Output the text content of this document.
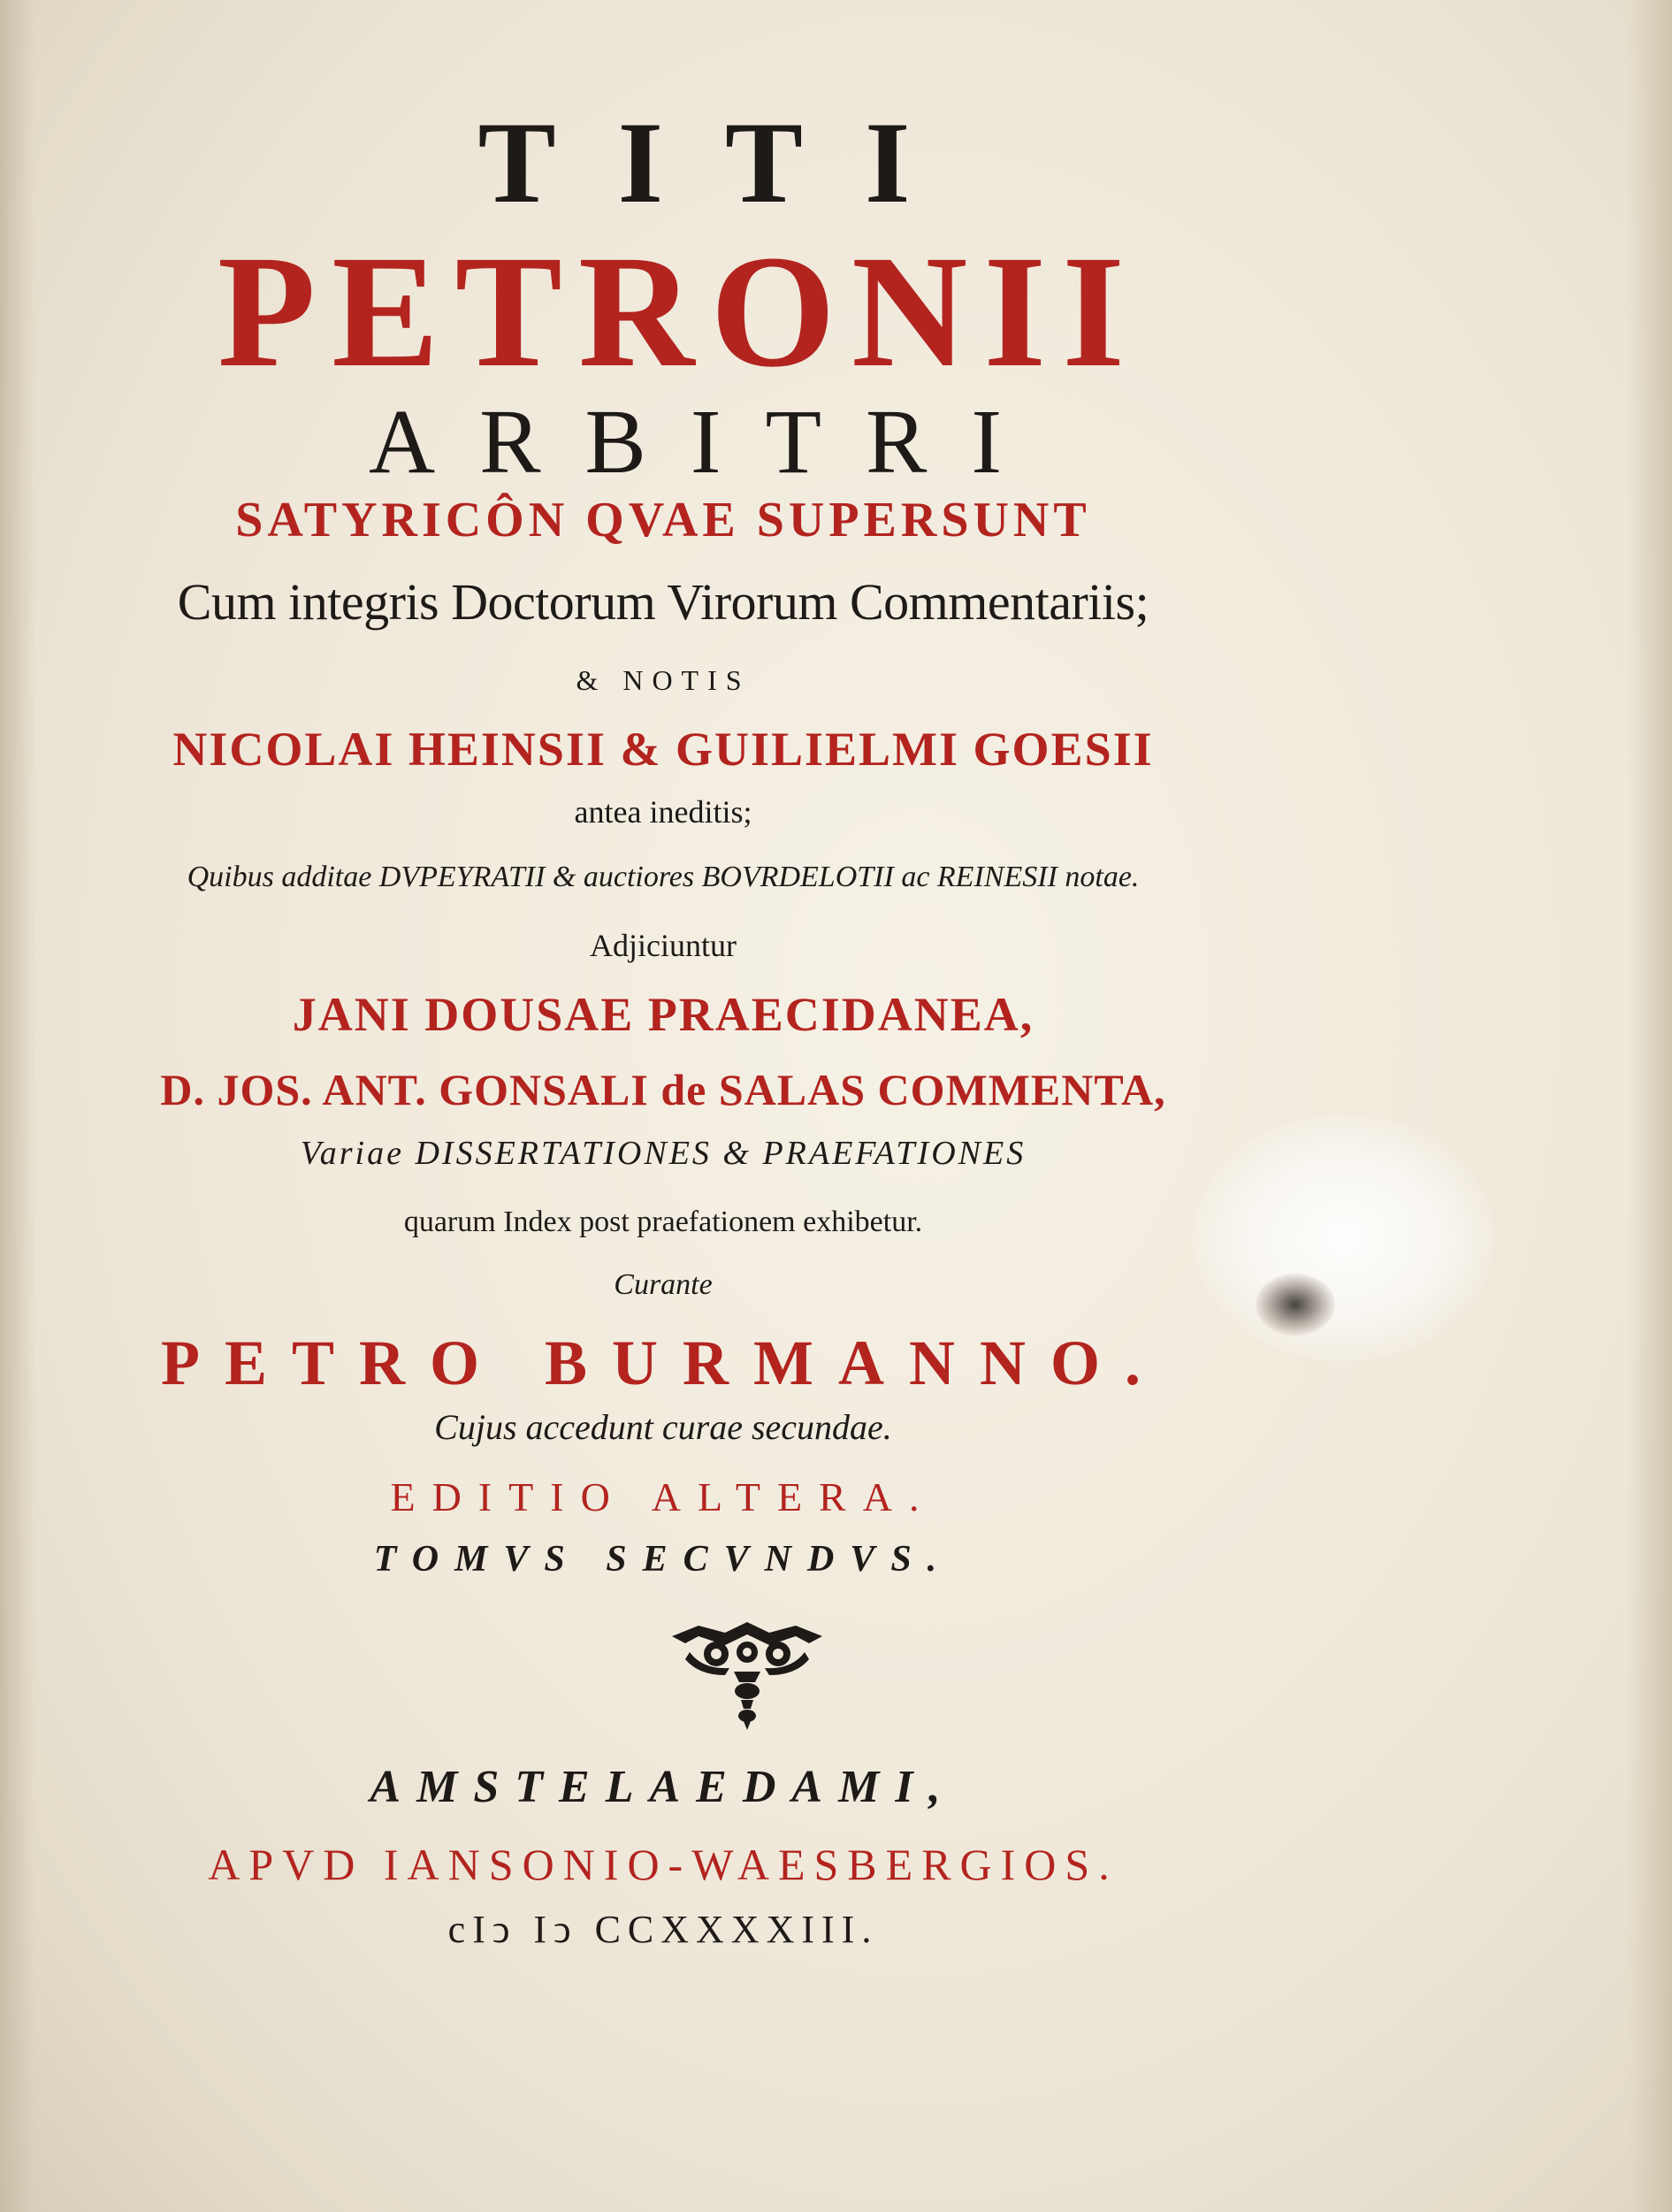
TITI
PETRONII
ARBITRI
SATYRICÔN QVAE SUPERSUNT
Cum integris Doctorum Virorum Commentariis;
& NOTIS
NICOLAI HEINSII & GUILIELMI GOESII
antea ineditis;
Quibus additae DVPEYRATII & auctiores BOVRDELOTII ac REINESII notae.
Adjiciuntur
JANI DOUSAE PRAECIDANEA,
D. JOS. ANT. GONSALI de SALAS COMMENTA,
Variae DISSERTATIONES & PRAEFATIONES
quarum Index post praefationem exhibetur.
Curante
PETRO BURMANNO.
Cujus accedunt curae secundae.
EDITIO ALTERA.
TOMVS SECVNDVS.
AMSTELAEDAMI,
APVD IANSONIO-WAESBERGIOS.
cIↄ Iↄ CCXXXXIII.
